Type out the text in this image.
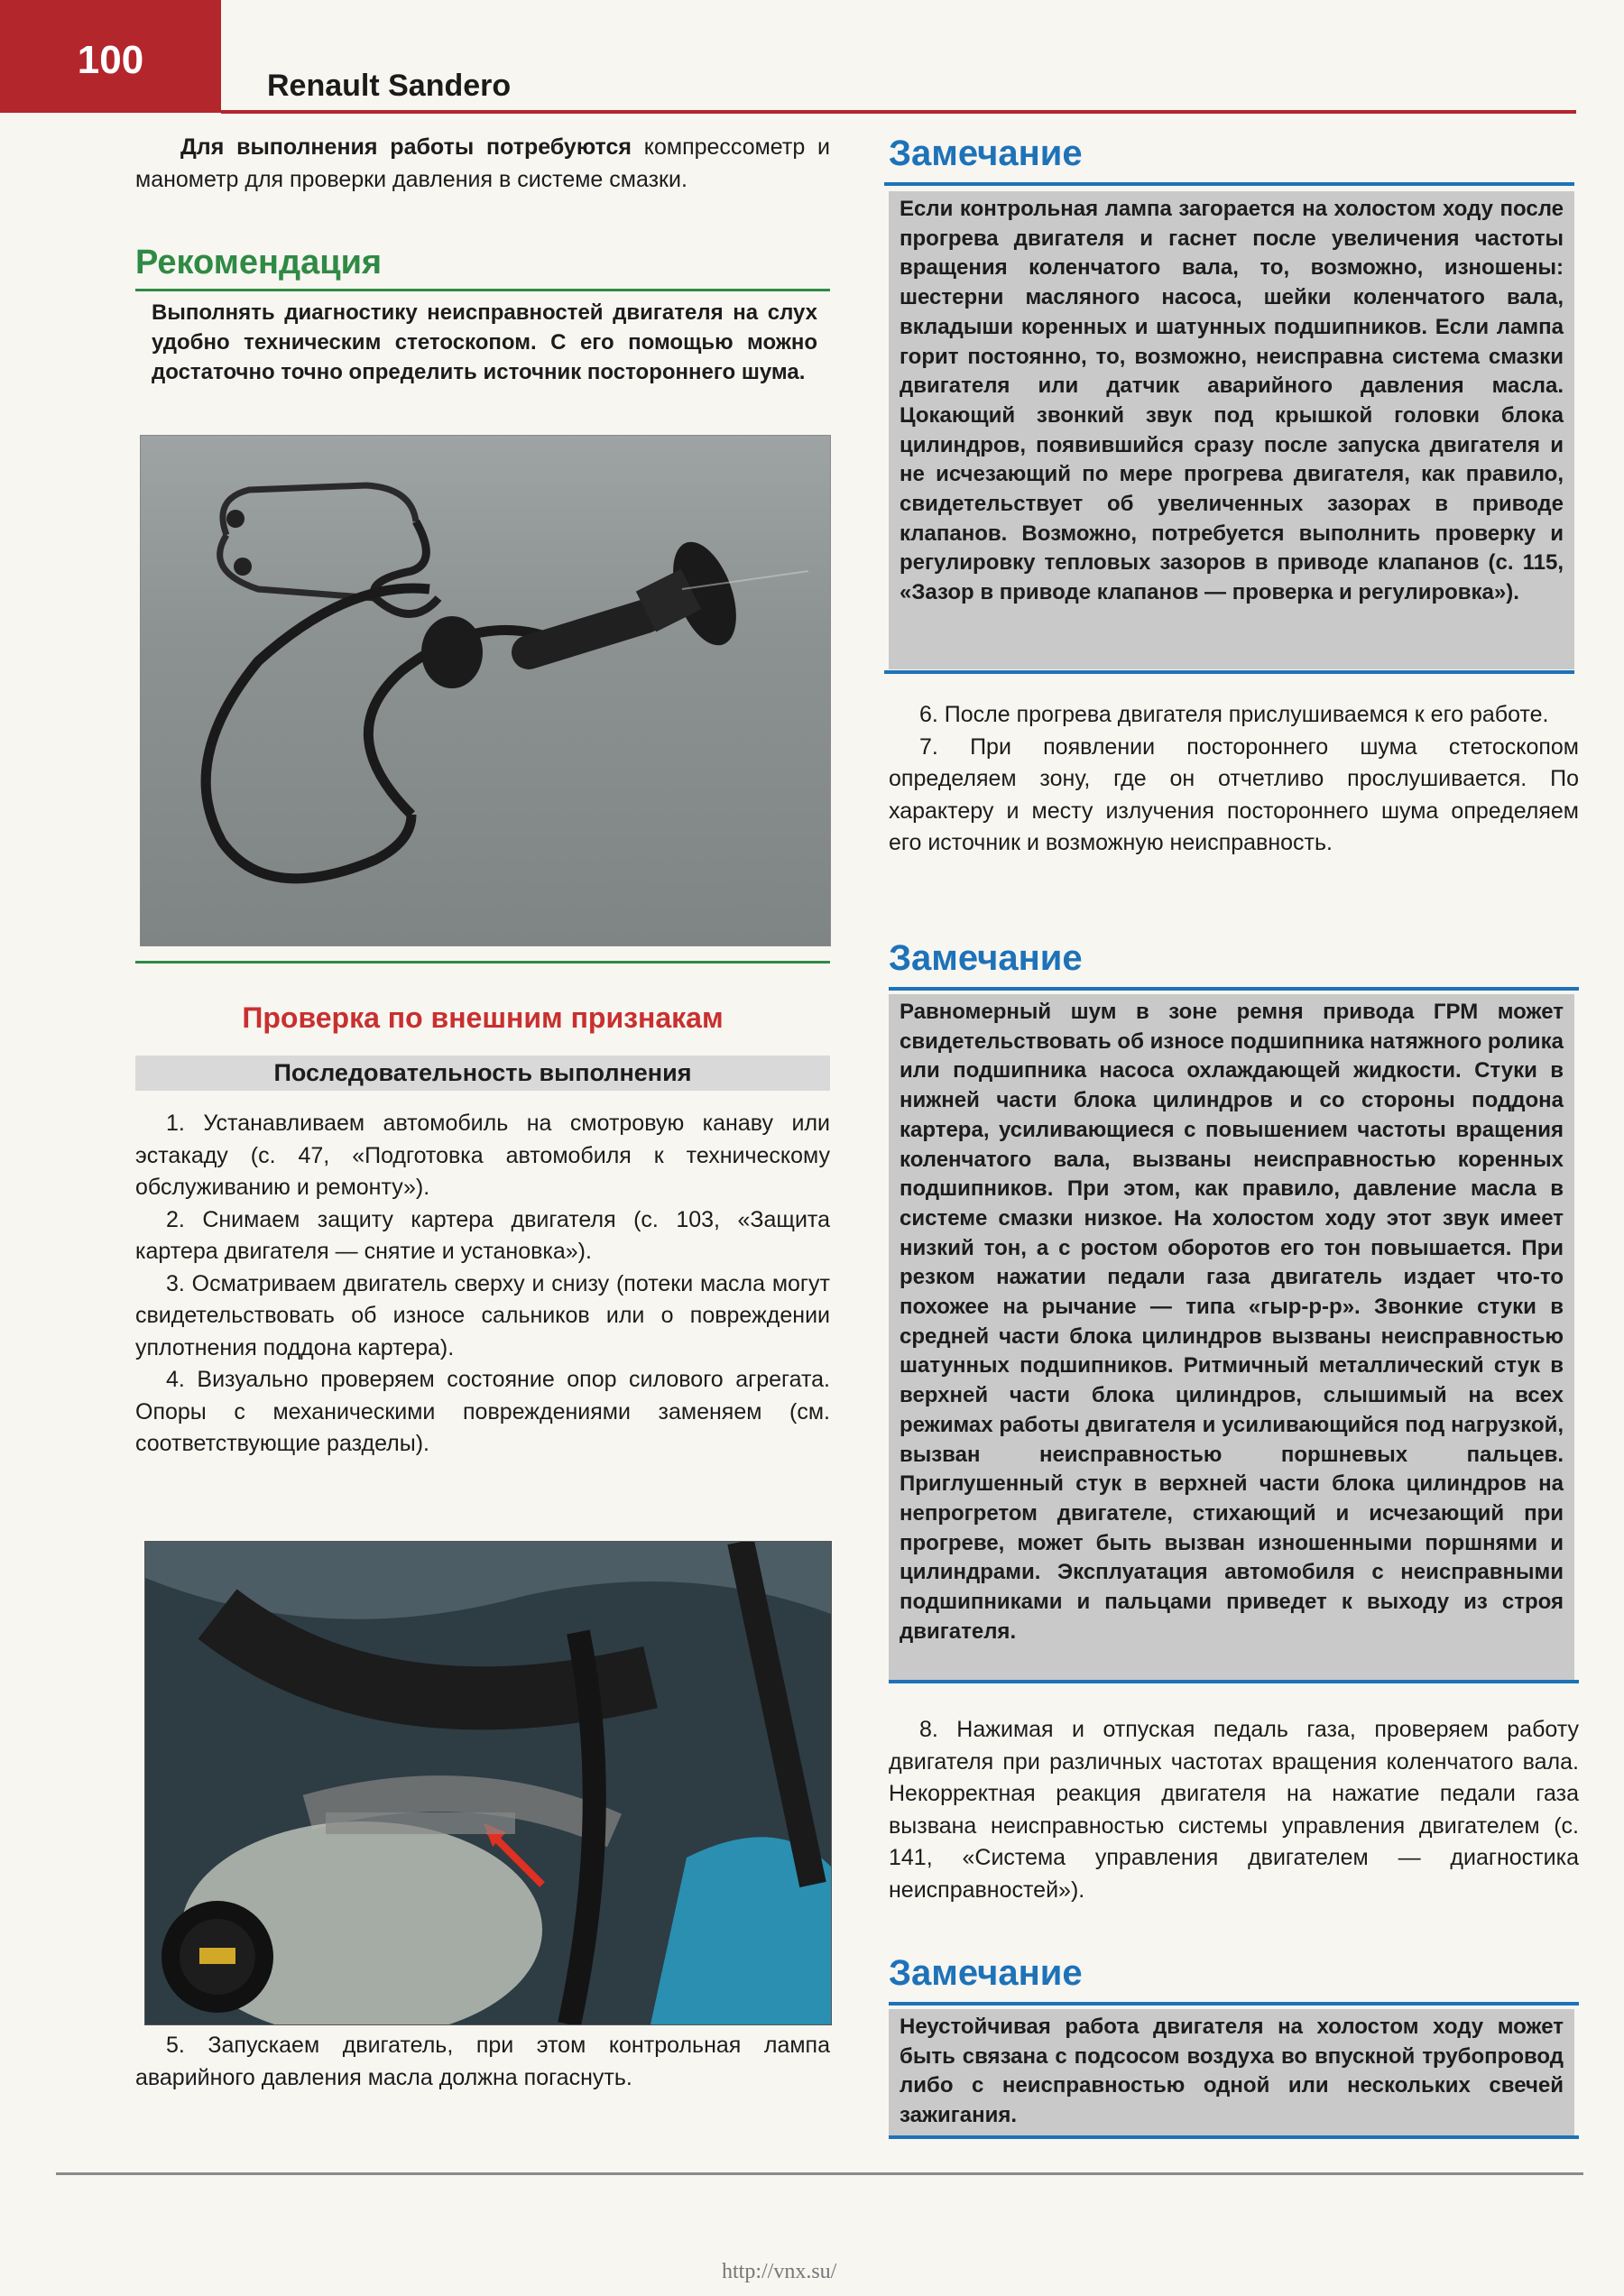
100
Renault Sandero
Для выполнения работы потребуются компрессометр и манометр для проверки давления в системе смазки.
Рекомендация
Выполнять диагностику неисправностей двигателя на слух удобно техническим стетоскопом. С его помощью можно достаточно точно определить источник постороннего шума.
Проверка по внешним признакам
Последовательность выполнения

1. Устанавливаем автомобиль на смотровую канаву или эстакаду (с. 47, «Подготовка автомобиля к техническому обслуживанию и ремонту»).

2. Снимаем защиту картера двигателя (с. 103, «Защита картера двигателя — снятие и установка»).

3. Осматриваем двигатель сверху и снизу (потеки масла могут свидетельствовать об износе сальников или о повреждении уплотнения поддона картера).

4. Визуально проверяем состояние опор силового агрегата. Опоры с механическими повреждениями заменяем (см. соответствующие разделы).

5. Запускаем двигатель, при этом контрольная лампа аварийного давления масла должна погаснуть.

Замечание
Если контрольная лампа загорается на холостом ходу после прогрева двигателя и гаснет после увеличения частоты вращения коленчатого вала, то, возможно, изношены: шестерни масляного насоса, шейки коленчатого вала, вкладыши коренных и шатунных подшипников. Если лампа горит постоянно, то, возможно, неисправна система смазки двигателя или датчик аварийного давления масла. Цокающий звонкий звук под крышкой головки блока цилиндров, появившийся сразу после запуска двигателя и не исчезающий по мере прогрева двигателя, как правило, свидетельствует об увеличенных зазорах в приводе клапанов. Возможно, потребуется выполнить проверку и регулировку тепловых зазоров в приводе клапанов (с. 115, «Зазор в приводе клапанов — проверка и регулировка»).

6. После прогрева двигателя прислушиваемся к его работе.

7. При появлении постороннего шума стетоскопом определяем зону, где он отчетливо прослушивается. По характеру и месту излучения постороннего шума определяем его источник и возможную неисправность.

Замечание
Равномерный шум в зоне ремня привода ГРМ может свидетельствовать об износе подшипника натяжного ролика или подшипника насоса охлаждающей жидкости. Стуки в нижней части блока цилиндров и со стороны поддона картера, усиливающиеся с повышением частоты вращения коленчатого вала, вызваны неисправностью коренных подшипников. При этом, как правило, давление масла в системе смазки низкое. На холостом ходу этот звук имеет низкий тон, а с ростом оборотов его тон повышается. При резком нажатии педали газа двигатель издает что-то похожее на рычание — типа «гыр-р-р». Звонкие стуки в средней части блока цилиндров вызваны неисправностью шатунных подшипников. Ритмичный металлический стук в верхней части блока цилиндров, слышимый на всех режимах работы двигателя и усиливающийся под нагрузкой, вызван неисправностью поршневых пальцев. Приглушенный стук в верхней части блока цилиндров на непрогретом двигателе, стихающий и исчезающий при прогреве, может быть вызван изношенными поршнями и цилиндрами. Эксплуатация автомобиля с неисправными подшипниками и пальцами приведет к выходу из строя двигателя.

8. Нажимая и отпуская педаль газа, проверяем работу двигателя при различных частотах вращения коленчатого вала. Некорректная реакция двигателя на нажатие педали газа вызвана неисправностью системы управления двигателем (с. 141, «Система управления двигателем — диагностика неисправностей»).

Замечание
Неустойчивая работа двигателя на холостом ходу может быть связана с подсосом воздуха во впускной трубопровод либо с неисправностью одной или нескольких свечей зажигания.
http://vnx.su/
